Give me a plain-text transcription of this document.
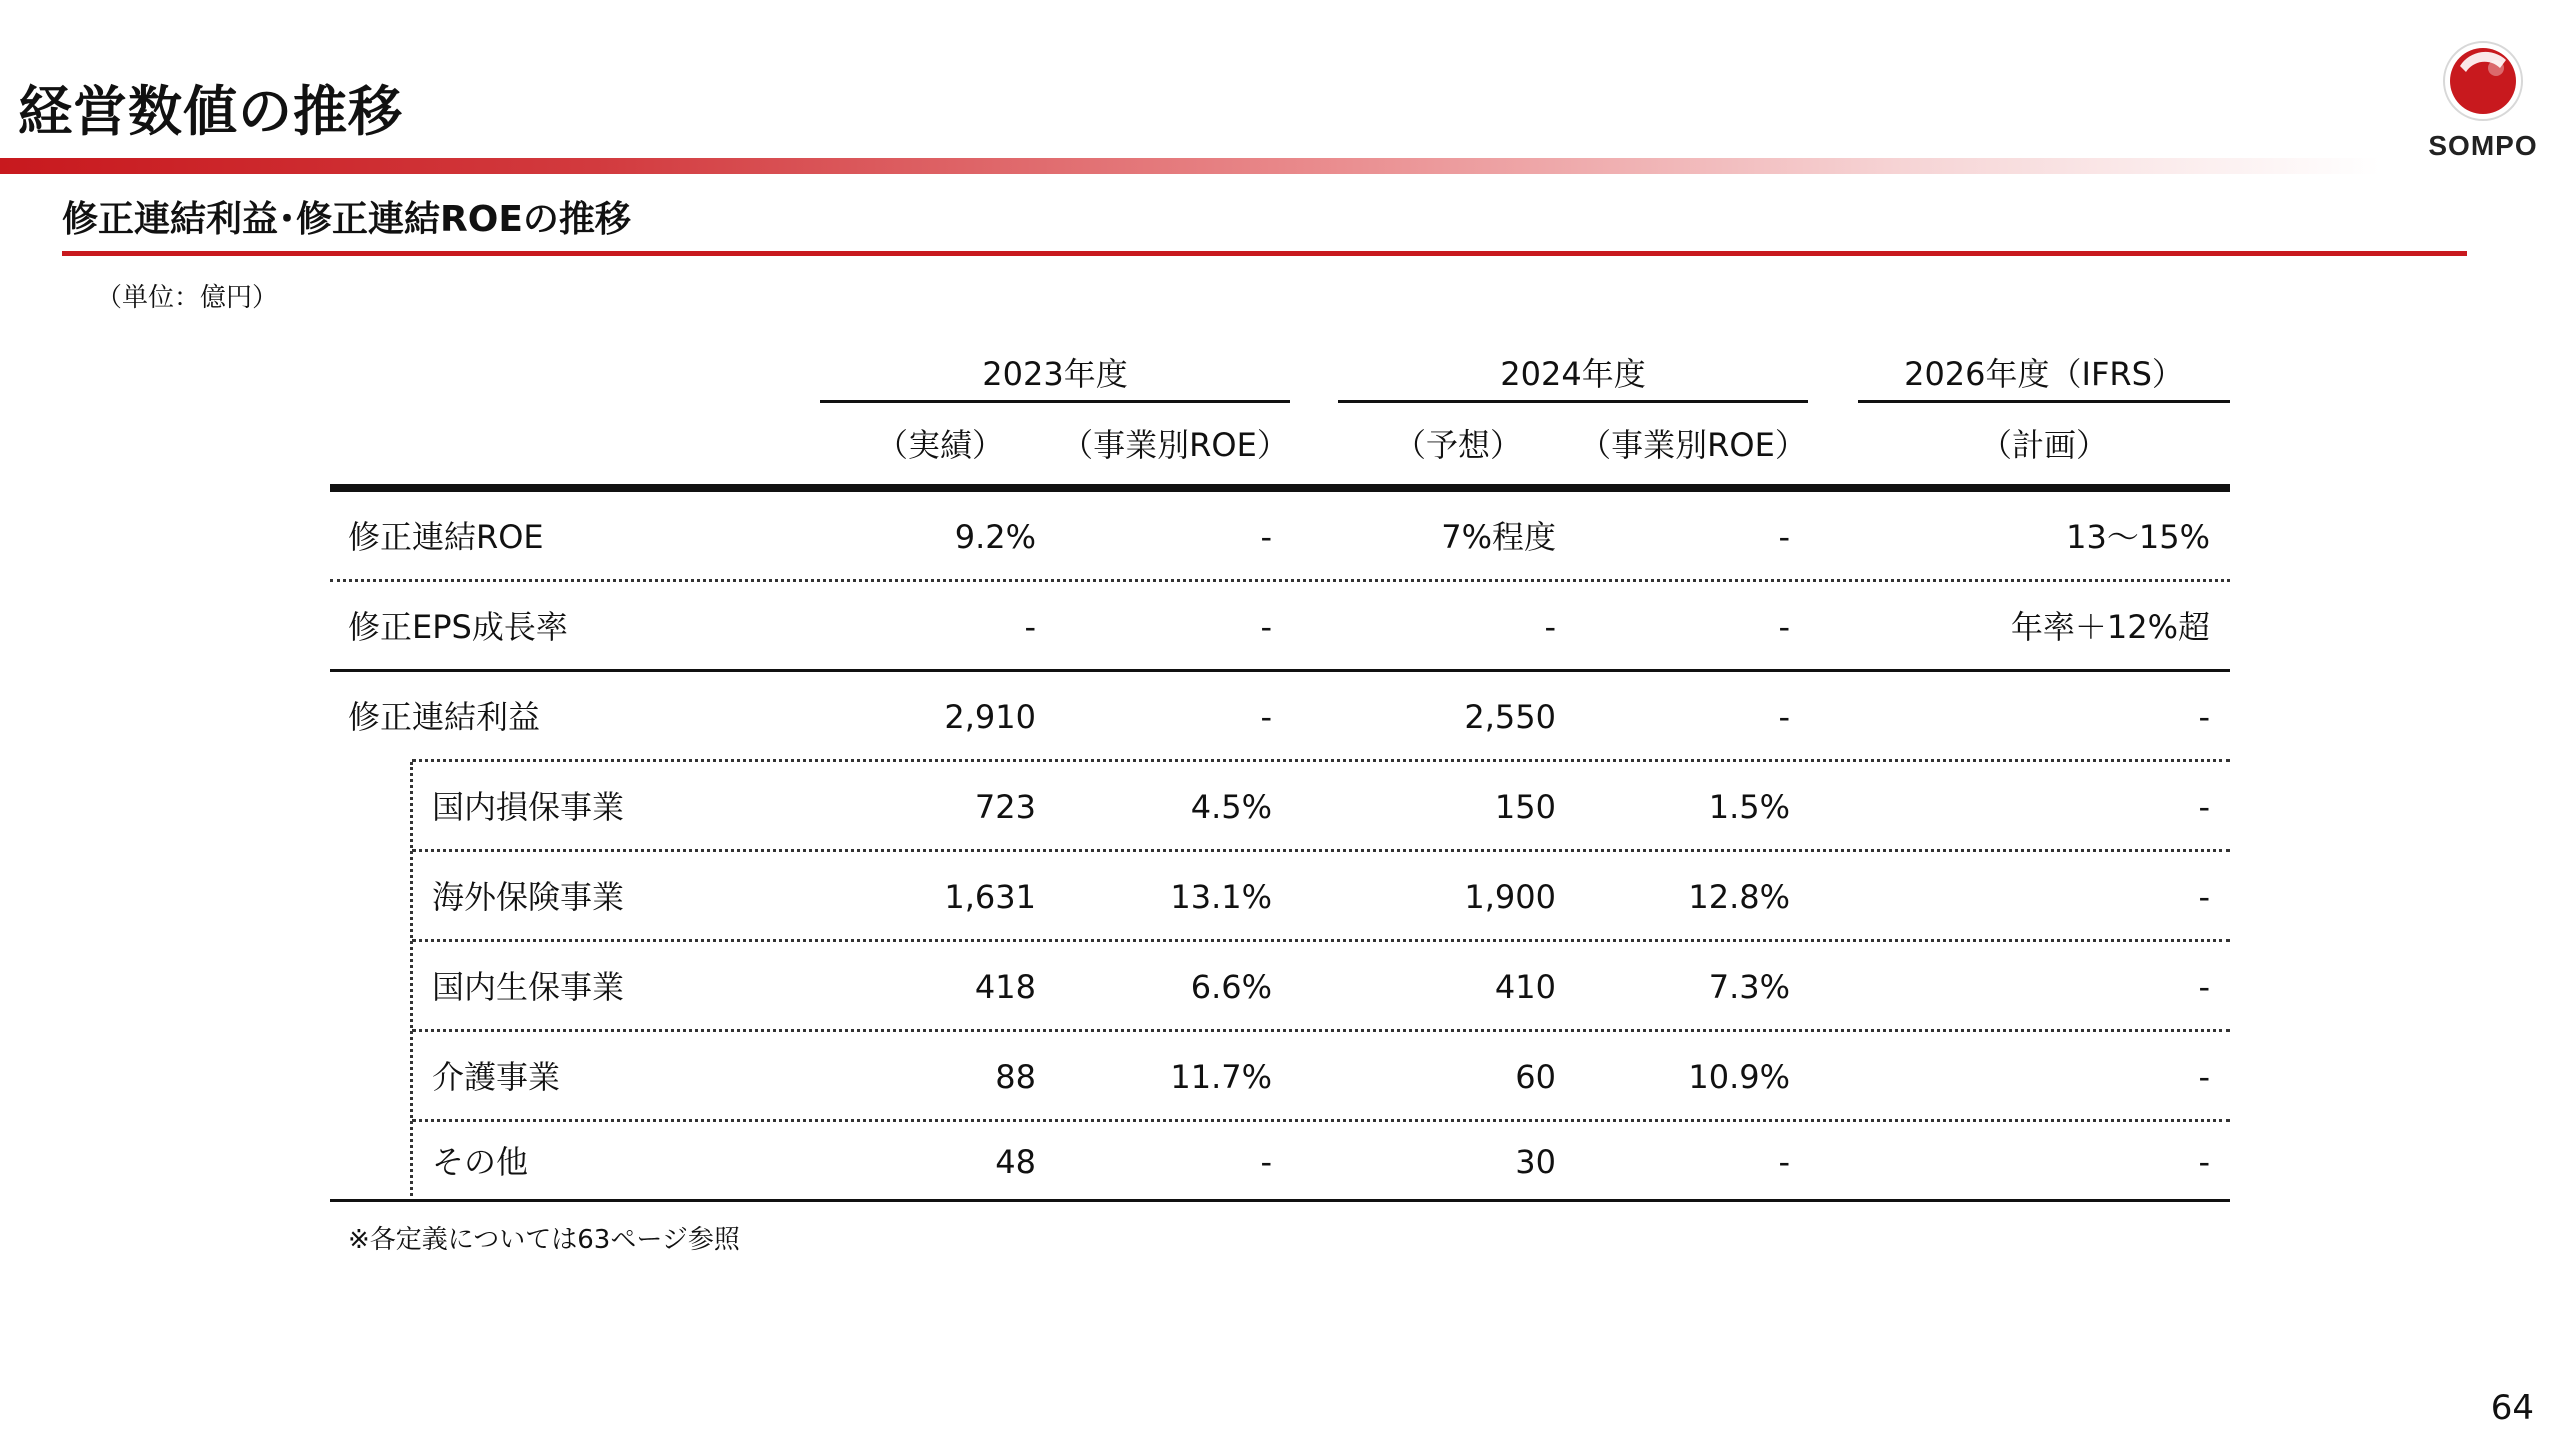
経営数値の推移
SOMPO
修正連結利益･修正連結ROEの推移
（単位：億円）
2023年度	2024年度	2026年度（IFRS）
（実績）	（事業別ROE）	（予想）	（事業別ROE）	（計画）
修正連結ROE	9.2%	-	7%程度	-	13～15%
修正EPS成長率	-	-	-	-	年率＋12%超
修正連結利益	2,910	-	2,550	-	-
国内損保事業	723	4.5%	150	1.5%	-
海外保険事業	1,631	13.1%	1,900	12.8%	-
国内生保事業	418	6.6%	410	7.3%	-
介護事業	88	11.7%	60	10.9%	-
その他	48	-	30	-	-
※各定義については63ページ参照
64
